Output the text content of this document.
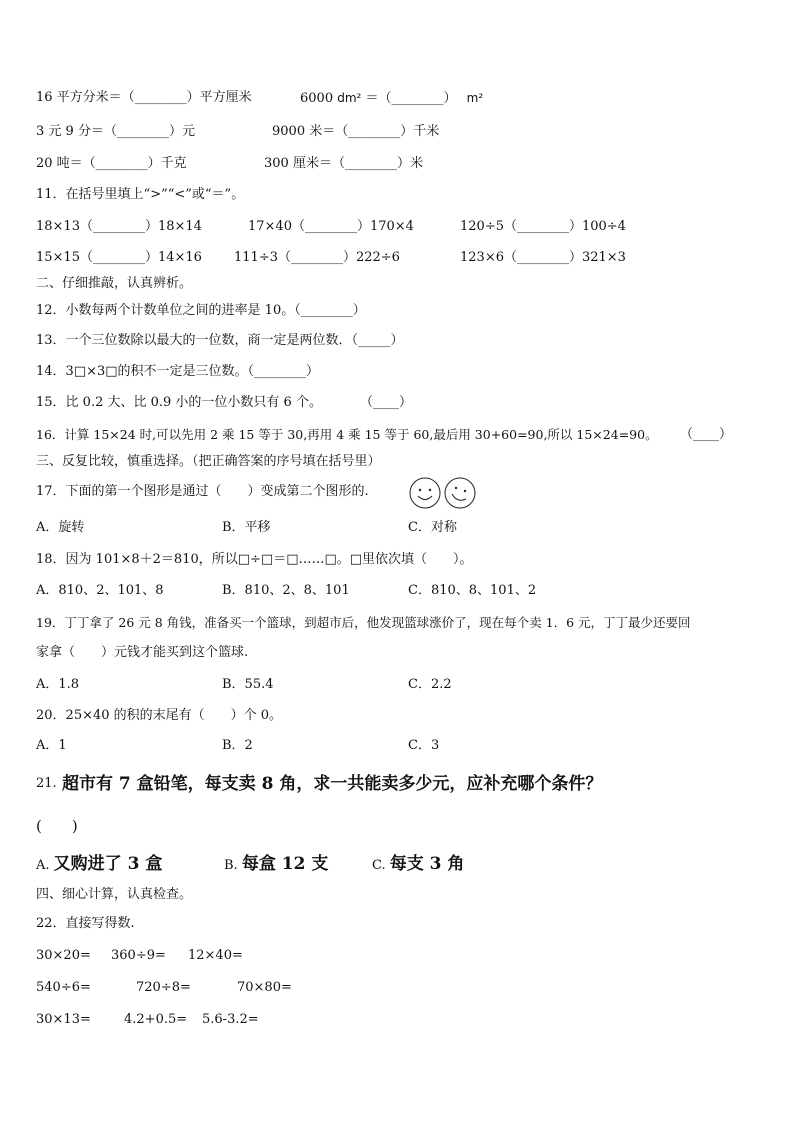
16 平方分米＝（________）平方厘米	6000 dm² ＝（________） m²
3 元 9 分＝（________）元	9000 米＝（________）千米
20 吨＝（________）千克	300 厘米＝（________）米
11．在括号里填上“>”“<”或“＝”。
18×13（________）18×14	17×40（________）170×4	120÷5（________）100÷4
15×15（________）14×16 111÷3（________）222÷6	123×6（________）321×3
二、仔细推敲，认真辨析。
12．小数每两个计数单位之间的进率是 10。（________）
13．一个三位数除以最大的一位数，商一定是两位数．（_____）
14．3□×3□的积不一定是三位数。（________）
15．比 0.2 大、比 0.9 小的一位小数只有 6 个。	（____）
16．计算 15×24 时,可以先用 2 乘 15 等于 30,再用 4 乘 15 等于 60,最后用 30+60=90,所以 15×24=90。 （____）
三、反复比较，慎重选择。（把正确答案的序号填在括号里）
17．下面的第一个图形是通过（　　）变成第二个图形的.
A．旋转	B．平移	C．对称
18．因为 101×8＋2＝810，所以□÷□＝□……□。□里依次填（　　）。
A．810、2、101、8	B．810、2、8、101	C．810、8、101、2
19．丁丁拿了 26 元 8 角钱，准备买一个篮球，到超市后，他发现篮球涨价了，现在每个卖 1．6 元，丁丁最少还要回
家拿（　　）元钱才能买到这个篮球.
A．1.8	B．55.4	C．2.2
20．25×40 的积的末尾有（　　）个 0。
A．1	B．2	C．3
21. 超市有 7 盒铅笔，每支卖 8 角，求一共能卖多少元，应补充哪个条件？
(　　)
A. 又购进了 3 盒	B. 每盒 12 支	C. 每支 3 角
四、细心计算，认真检查。
22．直接写得数.
30×20= 360÷9= 12×40=
540÷6=	720÷8=	70×80=
30×13=	4.2+0.5= 5.6-3.2=
